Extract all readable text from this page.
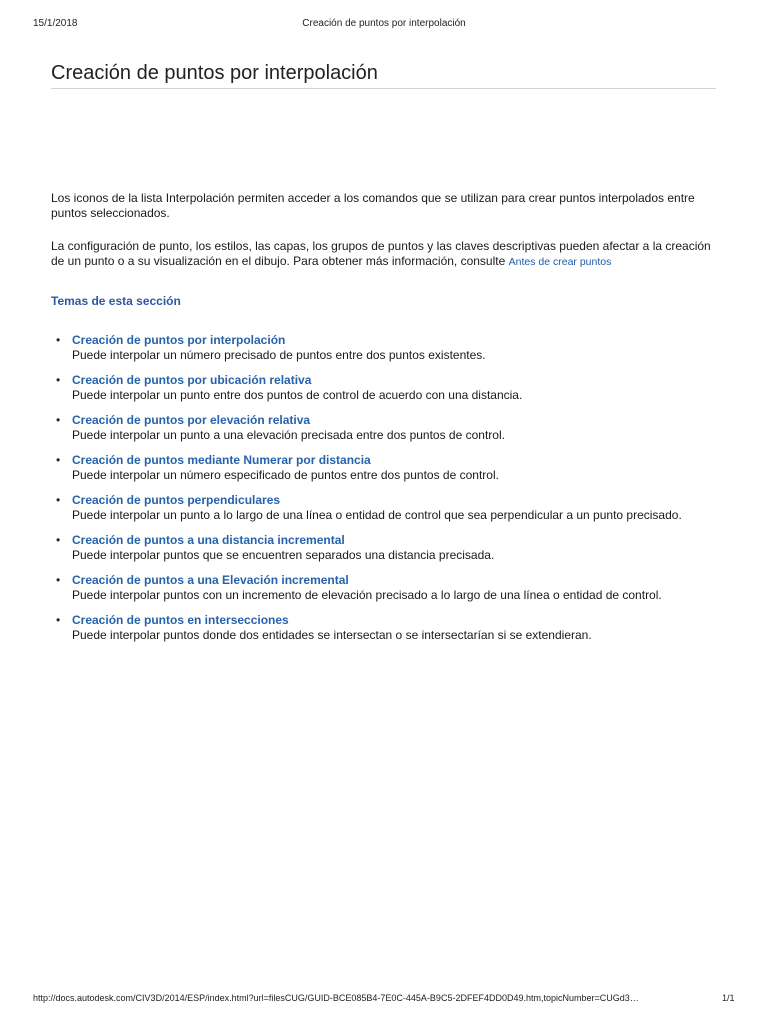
15/1/2018	Creación de puntos por interpolación
Creación de puntos por interpolación

Los iconos de la lista Interpolación permiten acceder a los comandos que se utilizan para crear puntos interpolados entre puntos seleccionados.

La configuración de punto, los estilos, las capas, los grupos de puntos y las claves descriptivas pueden afectar a la creación de un punto o a su visualización en el dibujo. Para obtener más información, consulte Antes de crear puntos

Temas de esta sección
• Creación de puntos por interpolación
Puede interpolar un número precisado de puntos entre dos puntos existentes.
• Creación de puntos por ubicación relativa
Puede interpolar un punto entre dos puntos de control de acuerdo con una distancia.
• Creación de puntos por elevación relativa
Puede interpolar un punto a una elevación precisada entre dos puntos de control.
• Creación de puntos mediante Numerar por distancia
Puede interpolar un número especificado de puntos entre dos puntos de control.
• Creación de puntos perpendiculares
Puede interpolar un punto a lo largo de una línea o entidad de control que sea perpendicular a un punto precisado.
• Creación de puntos a una distancia incremental
Puede interpolar puntos que se encuentren separados una distancia precisada.
• Creación de puntos a una Elevación incremental
Puede interpolar puntos con un incremento de elevación precisado a lo largo de una línea o entidad de control.
• Creación de puntos en intersecciones
Puede interpolar puntos donde dos entidades se intersectan o se intersectarían si se extendieran.
http://docs.autodesk.com/CIV3D/2014/ESP/index.html?url=filesCUG/GUID-BCE085B4-7E0C-445A-B9C5-2DFEF4DD0D49.htm,topicNumber=CUGd3…	1/1
